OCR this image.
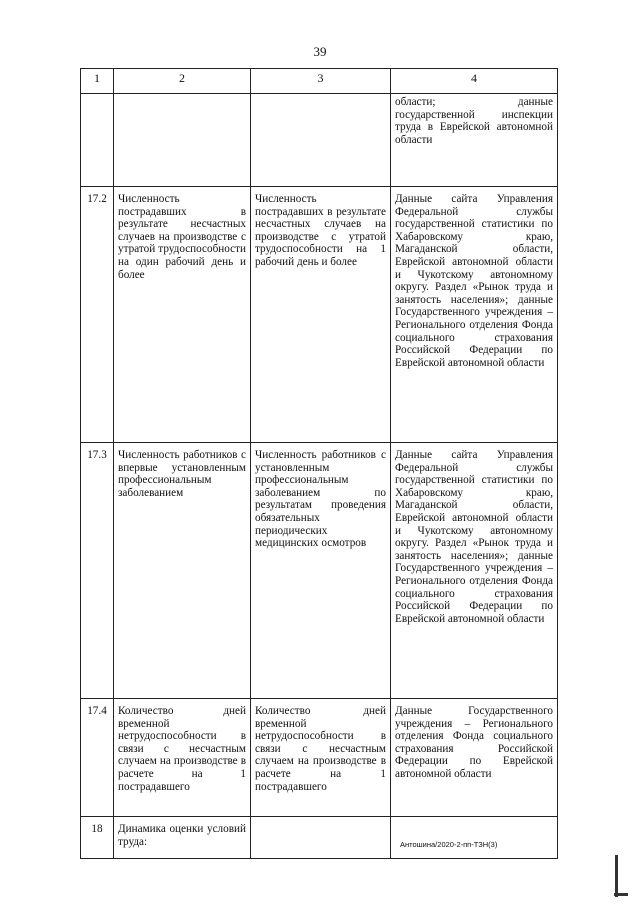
39
1	2	3	4
			области; данные государственной инспекции труда в Еврейской автономной области
17.2	Численность пострадавших в результате несчастных случаев на производстве с утратой трудоспособности на один рабочий день и более	Численность пострадавших в результате несчастных случаев на производстве с утратой трудоспособности на 1 рабочий день и более	Данные сайта Управления Федеральной службы государственной статистики по Хабаровскому краю, Магаданской области, Еврейской автономной области и Чукотскому автономному округу. Раздел «Рынок труда и занятость населения»; данные Государственного учреждения – Регионального отделения Фонда социального страхования Российской Федерации по Еврейской автономной области
17.3	Численность работников с впервые установленным профессиональным заболеванием	Численность работников с установленным профессиональным заболеванием по результатам проведения обязательных периодических медицинских осмотров	Данные сайта Управления Федеральной службы государственной статистики по Хабаровскому краю, Магаданской области, Еврейской автономной области и Чукотскому автономному округу. Раздел «Рынок труда и занятость населения»; данные Государственного учреждения – Регионального отделения Фонда социального страхования Российской Федерации по Еврейской автономной области
17.4	Количество дней временной нетрудоспособности в связи с несчастным случаем на производстве в расчете на 1 пострадавшего	Количество дней временной нетрудоспособности в связи с несчастным случаем на производстве в расчете на 1 пострадавшего	Данные Государственного учреждения – Регионального отделения Фонда социального страхования Российской Федерации по Еврейской автономной области
18	Динамика оценки условий труда:			Антошина/2020-2-пп-ТЗН(3)
